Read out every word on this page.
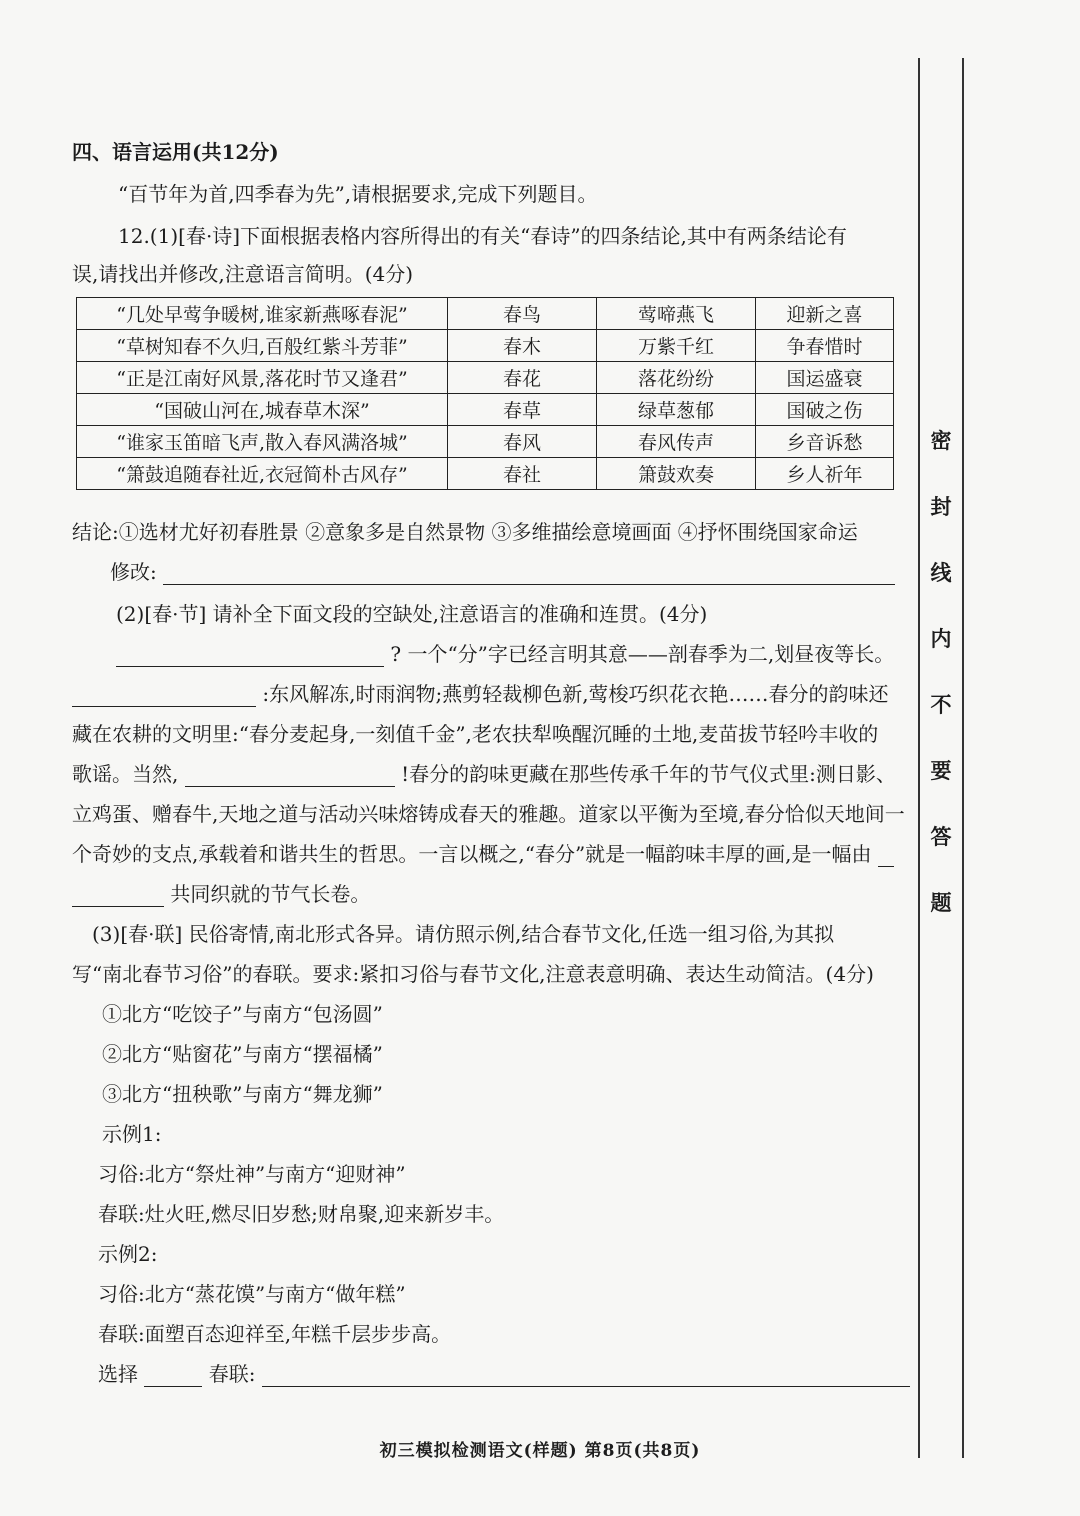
密
封
线
内
不
要
答
题
四、语言运用(共12分)
“百节年为首,四季春为先”,请根据要求,完成下列题目。
12.(1)[春·诗]下面根据表格内容所得出的有关“春诗”的四条结论,其中有两条结论有
误,请找出并修改,注意语言简明。(4分)
“几处早莺争暖树,谁家新燕啄春泥”	春鸟	莺啼燕飞	迎新之喜
“草树知春不久归,百般红紫斗芳菲”	春木	万紫千红	争春惜时
“正是江南好风景,落花时节又逢君”	春花	落花纷纷	国运盛衰
“国破山河在,城春草木深”	春草	绿草葱郁	国破之伤
“谁家玉笛暗飞声,散入春风满洛城”	春风	春风传声	乡音诉愁
“箫鼓追随春社近,衣冠简朴古风存”	春社	箫鼓欢奏	乡人祈年
结论:①选材尤好初春胜景 ②意象多是自然景物 ③多维描绘意境画面 ④抒怀围绕国家命运
修改:
(2)[春·节] 请补全下面文段的空缺处,注意语言的准确和连贯。(4分)
? 一个“分”字已经言明其意——剖春季为二,划昼夜等长。
:东风解冻,时雨润物;燕剪轻裁柳色新,莺梭巧织花衣艳……春分的韵味还
藏在农耕的文明里:“春分麦起身,一刻值千金”,老农扶犁唤醒沉睡的土地,麦苗拔节轻吟丰收的
歌谣。当然,	!春分的韵味更藏在那些传承千年的节气仪式里:测日影、
立鸡蛋、赠春牛,天地之道与活动兴味熔铸成春天的雅趣。道家以平衡为至境,春分恰似天地间一
个奇妙的支点,承载着和谐共生的哲思。一言以概之,“春分”就是一幅韵味丰厚的画,是一幅由
共同织就的节气长卷。
(3)[春·联] 民俗寄情,南北形式各异。请仿照示例,结合春节文化,任选一组习俗,为其拟
写“南北春节习俗”的春联。要求:紧扣习俗与春节文化,注意表意明确、表达生动简洁。(4分)
①北方“吃饺子”与南方“包汤圆”
②北方“贴窗花”与南方“摆福橘”
③北方“扭秧歌”与南方“舞龙狮”
示例1:
习俗:北方“祭灶神”与南方“迎财神”
春联:灶火旺,燃尽旧岁愁;财帛聚,迎来新岁丰。
示例2:
习俗:北方“蒸花馍”与南方“做年糕”
春联:面塑百态迎祥至,年糕千层步步高。
选择	春联:
初三模拟检测语文(样题) 第8页(共8页)
